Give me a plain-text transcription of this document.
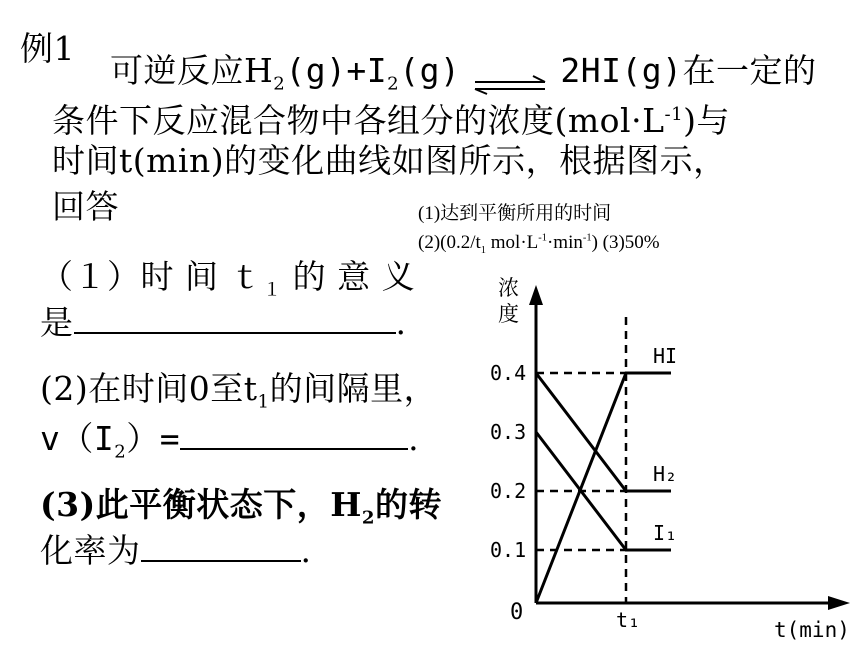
例1
可逆反应$H_2(g)+I_2(g)$ ⇌ 2HI(g)在一定的
条件下反应混合物中各组分的浓度$(mol\cdot L^{-1})$与
时间t(min)的变化曲线如图所示，根据图示，
回答	(1)达到平衡所用的时间
$(2)(0.2/t_1$ $mol\cdot L^{-1}\cdot\min^{-1}$) (3)50%
（１）时 间 ｔ$_1$ 的 意 义
是	.
(2)在时间0至$t_1$的间隔里，
$v(I_2)=$	.
(3)此平衡状态下，$H_2$的转
化率为	.
HI
H₂
I₁
0.1
0.2
0.3
0.4
0	t₁	t(min)
浓
度
